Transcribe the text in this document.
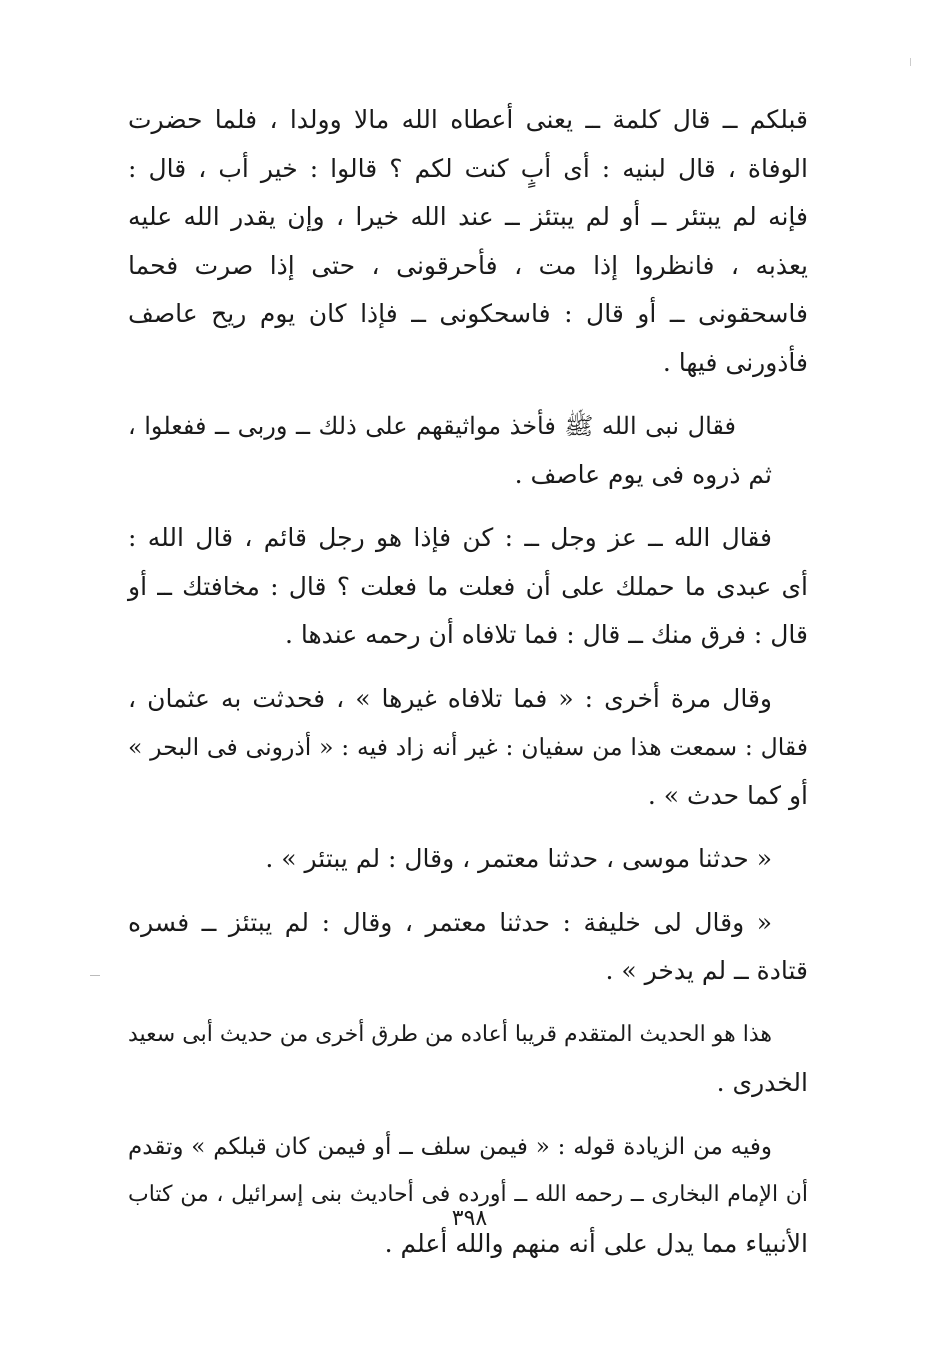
قبلكم ــ قال كلمة ــ يعنى أعطاه الله مالا وولدا ، فلما حضرت
الوفاة ، قال لبنيه : أى أبٍ كنت لكم ؟ قالوا : خير أب ، قال :
فإنه لم يبتئر ــ أو لم يبتئز ــ عند الله خيرا ، وإن يقدر الله عليه
يعذبه ، فانظروا إذا مت ، فأحرقونى ، حتى إذا صرت فحما
فاسحقونى ــ أو قال : فاسحكونى ــ فإذا كان يوم ريح عاصف
فأذورنى فيها .

فقال نبى الله ﷺ فأخذ مواثيقهم على ذلك ــ وربى ــ ففعلوا ،
ثم ذروه فى يوم عاصف .

فقال الله ــ عز وجل ــ : كن فإذا هو رجل قائم ، قال الله :
أى عبدى ما حملك على أن فعلت ما فعلت ؟ قال : مخافتك ــ أو
قال : فرق منك ــ قال : فما تلافاه أن رحمه عندها .

وقال مرة أخرى : « فما تلافاه غيرها » ، فحدثت به عثمان ،
فقال : سمعت هذا من سفيان : غير أنه زاد فيه : « أذرونى فى البحر »
أو كما حدث » .

« حدثنا موسى ، حدثنا معتمر ، وقال : لم يبتئر » .

« وقال لى خليفة : حدثنا معتمر ، وقال : لم يبتئز ــ فسره
قتادة ــ لم يدخر » .

هذا هو الحديث المتقدم قريبا أعاده من طرق أخرى من حديث أبى سعيد
الخدرى .

وفيه من الزيادة قوله : « فيمن سلف ــ أو فيمن كان قبلكم » وتقدم
أن الإمام البخارى ــ رحمه الله ــ أورده فى أحاديث بنى إسرائيل ، من كتاب
الأنبياء مما يدل على أنه منهم والله أعلم .

٣٩٨
